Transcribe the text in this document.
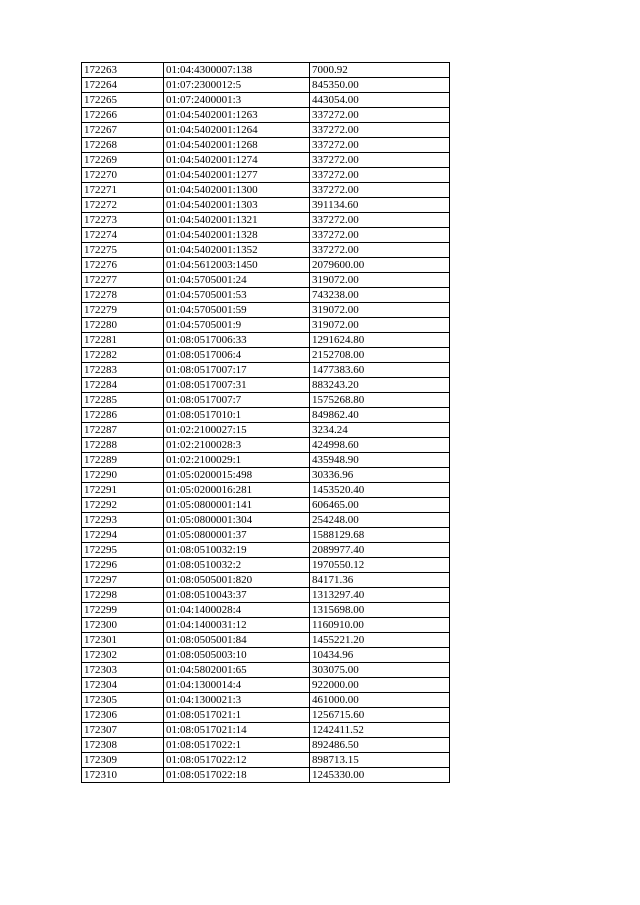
172263	01:04:4300007:138	7000.92
172264	01:07:2300012:5	845350.00
172265	01:07:2400001:3	443054.00
172266	01:04:5402001:1263	337272.00
172267	01:04:5402001:1264	337272.00
172268	01:04:5402001:1268	337272.00
172269	01:04:5402001:1274	337272.00
172270	01:04:5402001:1277	337272.00
172271	01:04:5402001:1300	337272.00
172272	01:04:5402001:1303	391134.60
172273	01:04:5402001:1321	337272.00
172274	01:04:5402001:1328	337272.00
172275	01:04:5402001:1352	337272.00
172276	01:04:5612003:1450	2079600.00
172277	01:04:5705001:24	319072.00
172278	01:04:5705001:53	743238.00
172279	01:04:5705001:59	319072.00
172280	01:04:5705001:9	319072.00
172281	01:08:0517006:33	1291624.80
172282	01:08:0517006:4	2152708.00
172283	01:08:0517007:17	1477383.60
172284	01:08:0517007:31	883243.20
172285	01:08:0517007:7	1575268.80
172286	01:08:0517010:1	849862.40
172287	01:02:2100027:15	3234.24
172288	01:02:2100028:3	424998.60
172289	01:02:2100029:1	435948.90
172290	01:05:0200015:498	30336.96
172291	01:05:0200016:281	1453520.40
172292	01:05:0800001:141	606465.00
172293	01:05:0800001:304	254248.00
172294	01:05:0800001:37	1588129.68
172295	01:08:0510032:19	2089977.40
172296	01:08:0510032:2	1970550.12
172297	01:08:0505001:820	84171.36
172298	01:08:0510043:37	1313297.40
172299	01:04:1400028:4	1315698.00
172300	01:04:1400031:12	1160910.00
172301	01:08:0505001:84	1455221.20
172302	01:08:0505003:10	10434.96
172303	01:04:5802001:65	303075.00
172304	01:04:1300014:4	922000.00
172305	01:04:1300021:3	461000.00
172306	01:08:0517021:1	1256715.60
172307	01:08:0517021:14	1242411.52
172308	01:08:0517022:1	892486.50
172309	01:08:0517022:12	898713.15
172310	01:08:0517022:18	1245330.00
